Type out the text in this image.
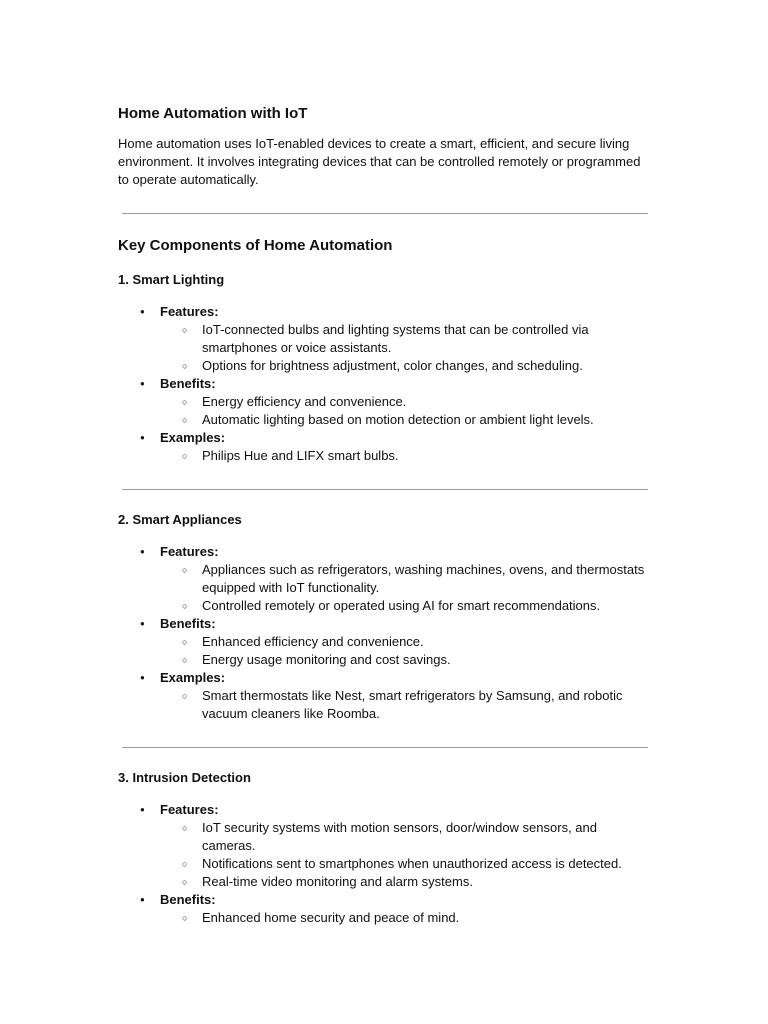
Home Automation with IoT

Home automation uses IoT-enabled devices to create a smart, efficient, and secure living environment. It involves integrating devices that can be controlled remotely or programmed to operate automatically.

Key Components of Home Automation
1. Smart Lighting
● Features:
○ IoT-connected bulbs and lighting systems that can be controlled via smartphones or voice assistants.
○ Options for brightness adjustment, color changes, and scheduling.
● Benefits:
○ Energy efficiency and convenience.
○ Automatic lighting based on motion detection or ambient light levels.
● Examples:
○ Philips Hue and LIFX smart bulbs.
2. Smart Appliances
● Features:
○ Appliances such as refrigerators, washing machines, ovens, and thermostats equipped with IoT functionality.
○ Controlled remotely or operated using AI for smart recommendations.
● Benefits:
○ Enhanced efficiency and convenience.
○ Energy usage monitoring and cost savings.
● Examples:
○ Smart thermostats like Nest, smart refrigerators by Samsung, and robotic vacuum cleaners like Roomba.
3. Intrusion Detection
● Features:
○ IoT security systems with motion sensors, door/window sensors, and cameras.
○ Notifications sent to smartphones when unauthorized access is detected.
○ Real-time video monitoring and alarm systems.
● Benefits:
○ Enhanced home security and peace of mind.
